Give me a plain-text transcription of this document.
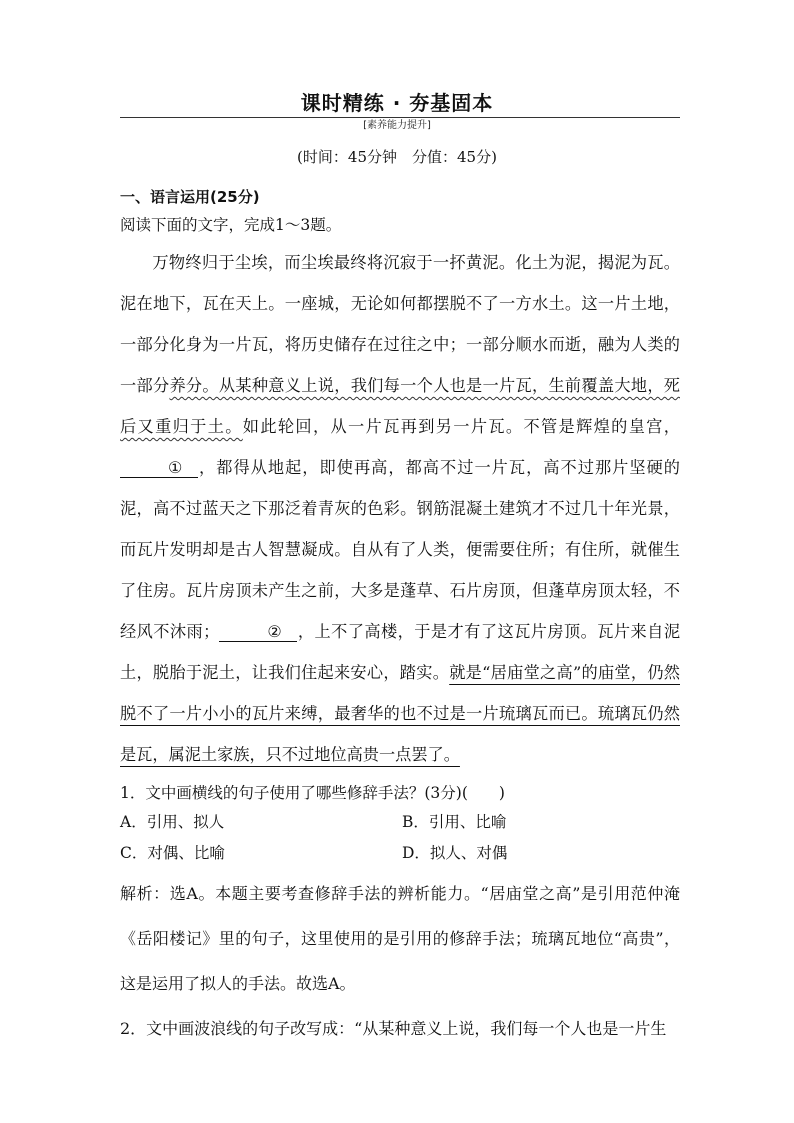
课时精练 · 夯基固本
[素养能力提升]
(时间：45分钟　分值：45分)
一、语言运用(25分)
阅读下面的文字，完成1～3题。

万物终归于尘埃，而尘埃最终将沉寂于一抔黄泥。化土为泥，揭泥为瓦。泥在地下，瓦在天上。一座城，无论如何都摆脱不了一方水土。这一片土地，一部分化身为一片瓦，将历史储存在过往之中；一部分顺水而逝，融为人类的一部分养分。从某种意义上说，我们每一个人也是一片瓦，生前覆盖大地，死后又重归于土。如此轮回，从一片瓦再到另一片瓦。不管是辉煌的皇宫，① ，都得从地起，即使再高，都高不过一片瓦，高不过那片坚硬的泥，高不过蓝天之下那泛着青灰的色彩。钢筋混凝土建筑才不过几十年光景，而瓦片发明却是古人智慧凝成。自从有了人类，便需要住所；有住所，就催生了住房。瓦片房顶未产生之前，大多是蓬草、石片房顶，但蓬草房顶太轻，不经风不沐雨；	② ，上不了高楼，于是才有了这瓦片房顶。瓦片来自泥土，脱胎于泥土，让我们住起来安心，踏实。就是“居庙堂之高”的庙堂，仍然脱不了一片小小的瓦片来缚，最奢华的也不过是一片琉璃瓦而已。琉璃瓦仍然是瓦，属泥土家族，只不过地位高贵一点罢了。

1．文中画横线的句子使用了哪些修辞手法？(3分)(　　)
A．引用、拟人	B．引用、比喻
C．对偶、比喻	D．拟人、对偶

解析：选A。本题主要考查修辞手法的辨析能力。“居庙堂之高”是引用范仲淹《岳阳楼记》里的句子，这里使用的是引用的修辞手法；琉璃瓦地位“高贵”，这是运用了拟人的手法。故选A。

2．文中画波浪线的句子改写成：“从某种意义上说，我们每一个人也是一片生
